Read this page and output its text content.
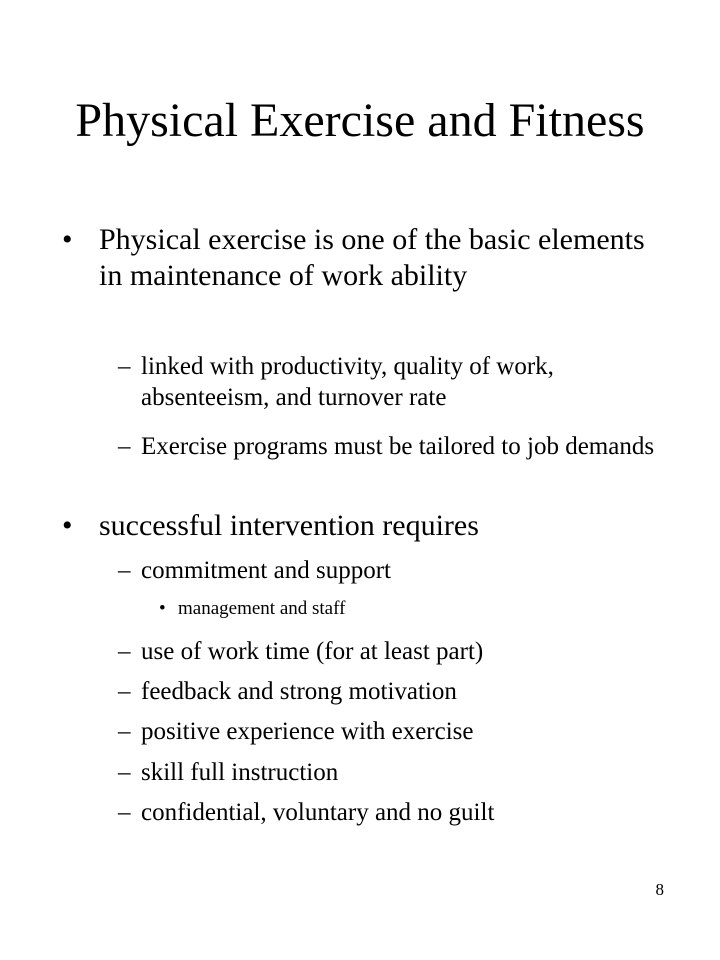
Physical Exercise and Fitness
• Physical exercise is one of the basic elements in maintenance of work ability
– linked with productivity, quality of work, absenteeism, and turnover rate
– Exercise programs must be tailored to job demands
• successful intervention requires
– commitment and support
• management and staff
– use of work time (for at least part)
– feedback and strong motivation
– positive experience with exercise
– skill full instruction
– confidential, voluntary and no guilt
8
